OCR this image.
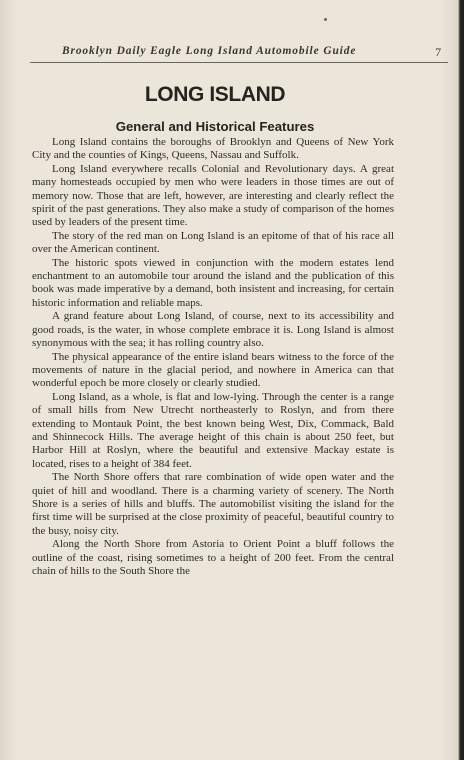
Brooklyn Daily Eagle Long Island Automobile Guide	7
LONG ISLAND
General and Historical Features

Long Island contains the boroughs of Brooklyn and Queens of New York City and the counties of Kings, Queens, Nassau and Suffolk.

Long Island everywhere recalls Colonial and Revolutionary days. A great many homesteads occupied by men who were leaders in those times are out of memory now. Those that are left, however, are interesting and clearly reflect the spirit of the past generations. They also make a study of comparison of the homes used by leaders of the present time.

The story of the red man on Long Island is an epitome of that of his race all over the American continent.

The historic spots viewed in conjunction with the modern estates lend enchantment to an automobile tour around the island and the publication of this book was made imperative by a demand, both insistent and increasing, for certain historic information and reliable maps.

A grand feature about Long Island, of course, next to its accessibility and good roads, is the water, in whose complete embrace it is. Long Island is almost synonymous with the sea; it has rolling country also.

The physical appearance of the entire island bears witness to the force of the movements of nature in the glacial period, and nowhere in America can that wonderful epoch be more closely or clearly studied.

Long Island, as a whole, is flat and low-lying. Through the center is a range of small hills from New Utrecht northeasterly to Roslyn, and from there extending to Montauk Point, the best known being West, Dix, Commack, Bald and Shinnecock Hills. The average height of this chain is about 250 feet, but Harbor Hill at Roslyn, where the beautiful and extensive Mackay estate is located, rises to a height of 384 feet.

The North Shore offers that rare combination of wide open water and the quiet of hill and woodland. There is a charming variety of scenery. The North Shore is a series of hills and bluffs. The automobilist visiting the island for the first time will be surprised at the close proximity of peaceful, beautiful country to the busy, noisy city.

Along the North Shore from Astoria to Orient Point a bluff follows the outline of the coast, rising sometimes to a height of 200 feet. From the central chain of hills to the South Shore the
